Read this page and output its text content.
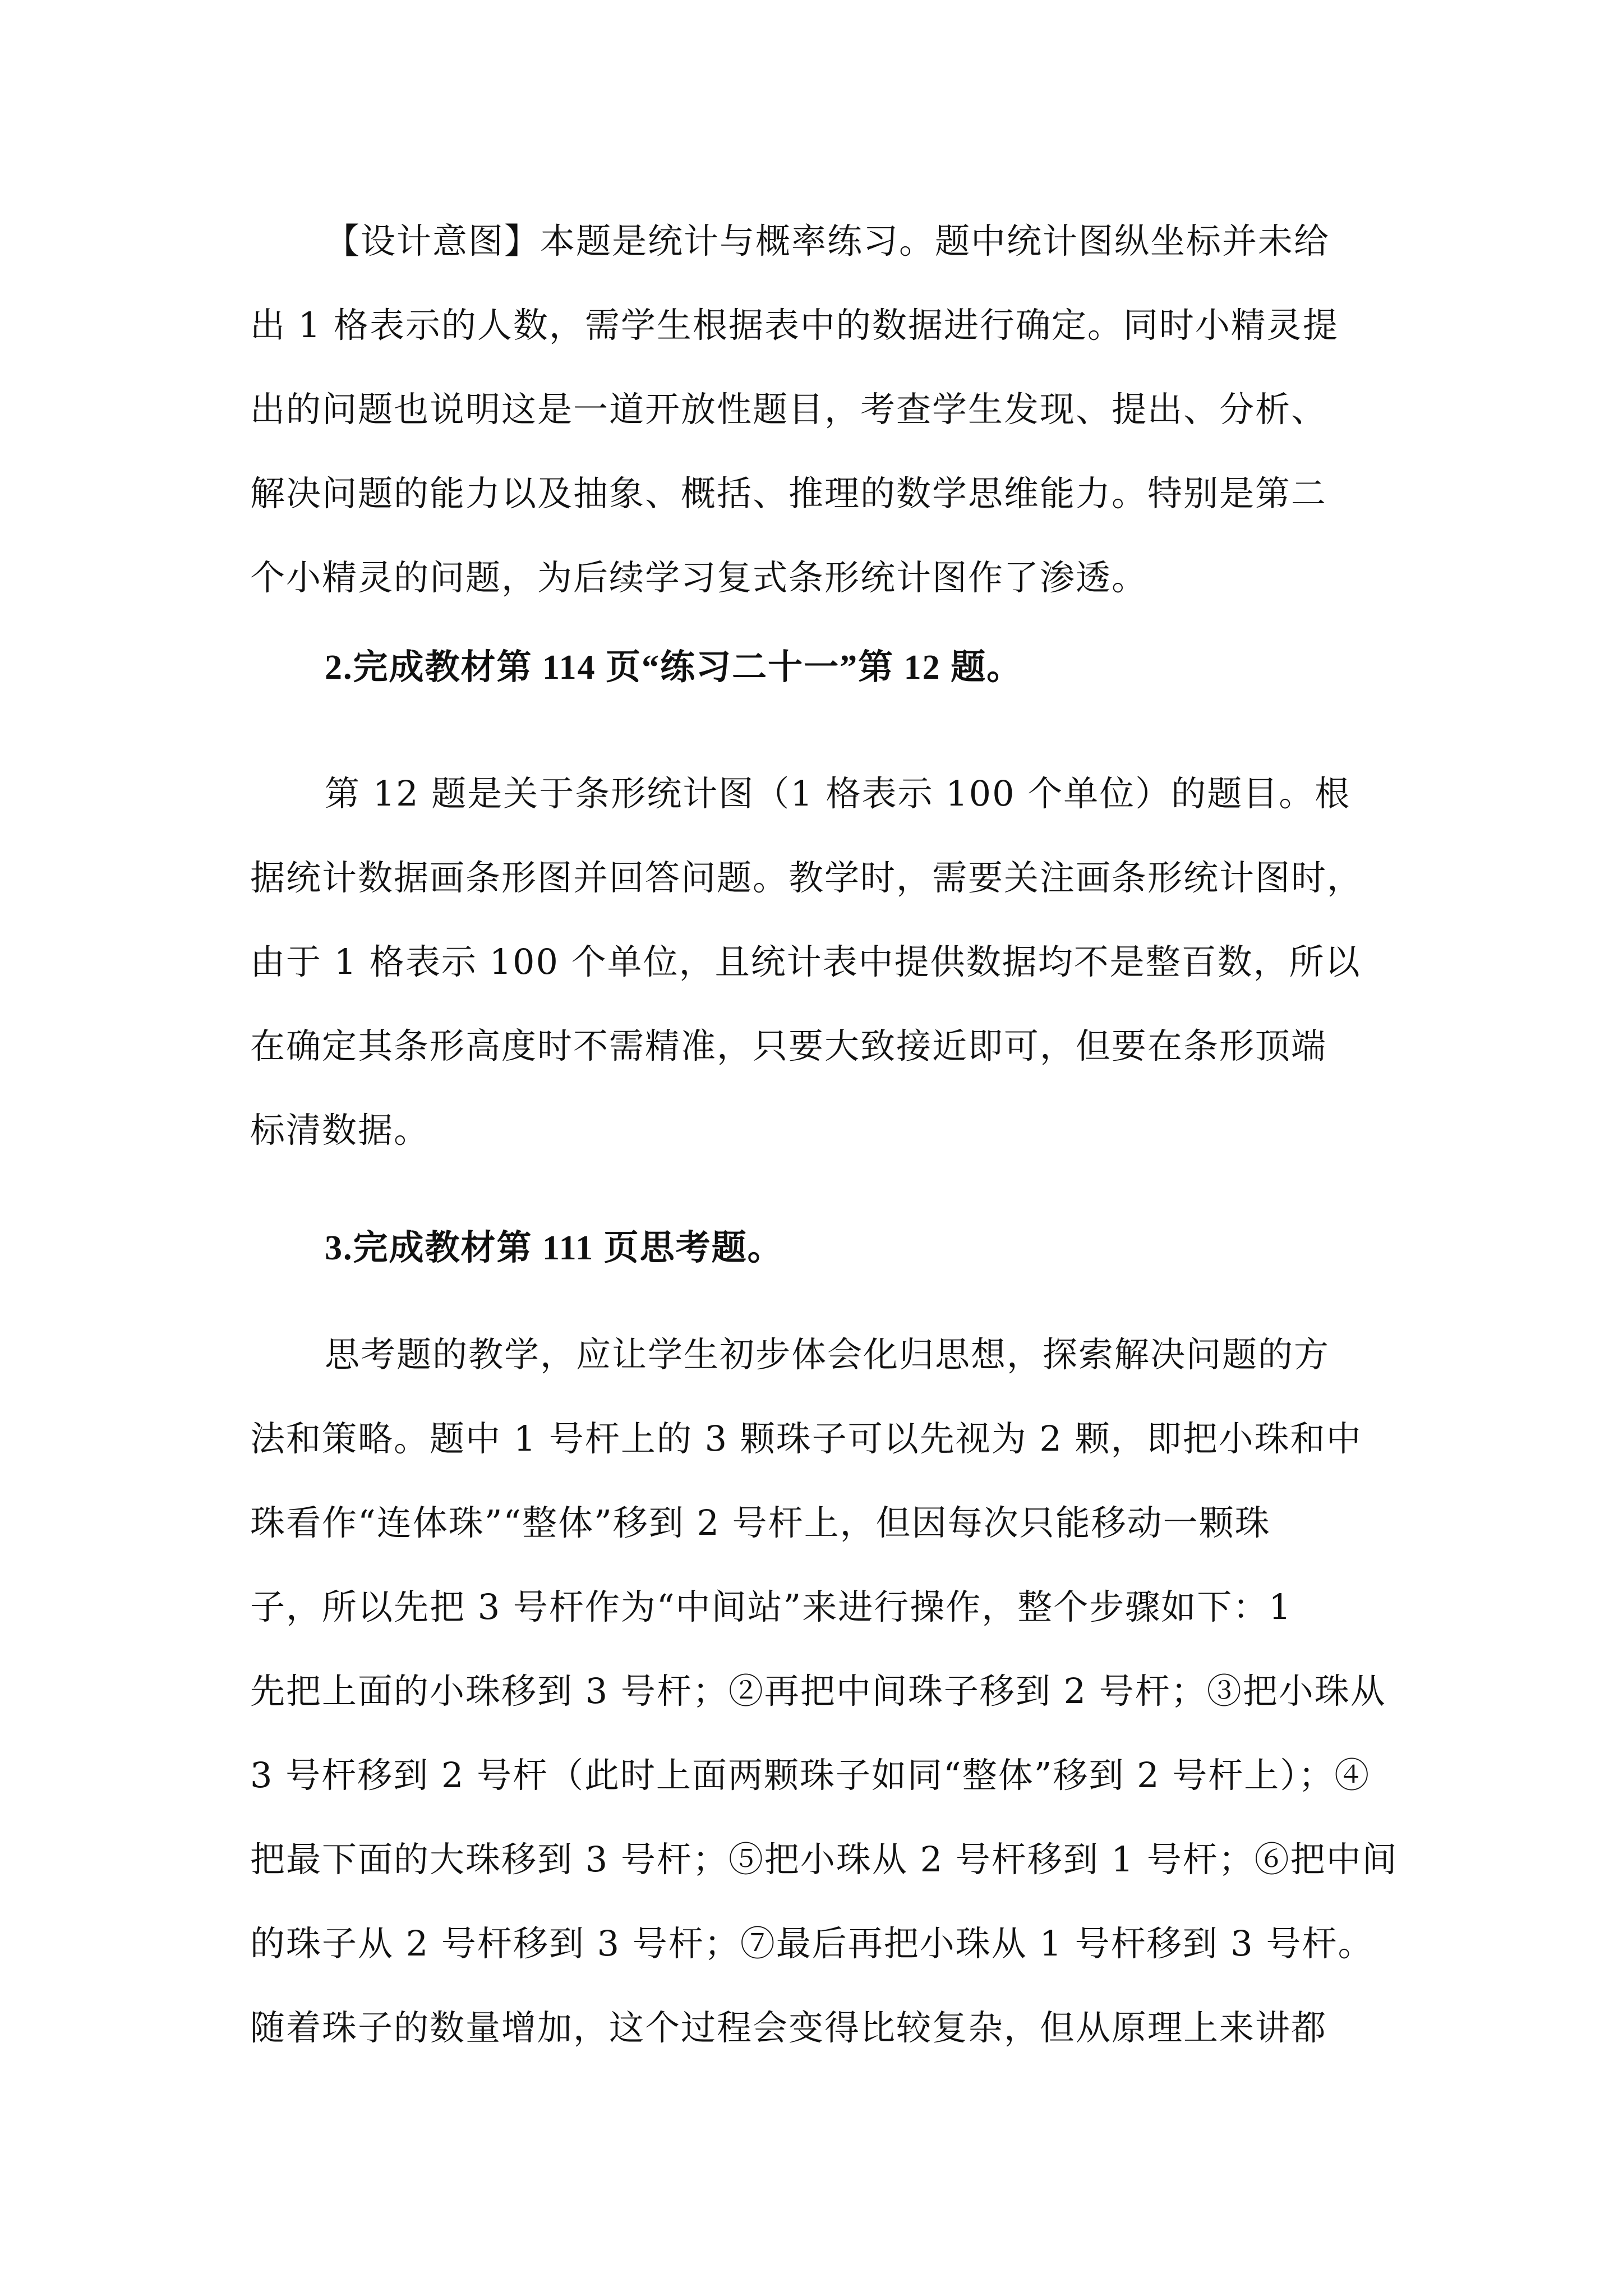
【设计意图】本题是统计与概率练习。题中统计图纵坐标并未给
出 1 格表示的人数，需学生根据表中的数据进行确定。同时小精灵提
出的问题也说明这是一道开放性题目，考查学生发现、提出、分析、
解决问题的能力以及抽象、概括、推理的数学思维能力。特别是第二
个小精灵的问题，为后续学习复式条形统计图作了渗透。
2.完成教材第 114 页“练习二十一”第 12 题。
第 12 题是关于条形统计图（1 格表示 100 个单位）的题目。根
据统计数据画条形图并回答问题。教学时，需要关注画条形统计图时，
由于 1 格表示 100 个单位，且统计表中提供数据均不是整百数，所以
在确定其条形高度时不需精准，只要大致接近即可，但要在条形顶端
标清数据。
3.完成教材第 111 页思考题。
思考题的教学，应让学生初步体会化归思想，探索解决问题的方
法和策略。题中 1 号杆上的 3 颗珠子可以先视为 2 颗，即把小珠和中
珠看作“连体珠”“整体”移到 2 号杆上，但因每次只能移动一颗珠
子，所以先把 3 号杆作为“中间站”来进行操作，整个步骤如下：1
先把上面的小珠移到 3 号杆；②再把中间珠子移到 2 号杆；③把小珠从
3 号杆移到 2 号杆（此时上面两颗珠子如同“整体”移到 2 号杆上）；④
把最下面的大珠移到 3 号杆；⑤把小珠从 2 号杆移到 1 号杆；⑥把中间
的珠子从 2 号杆移到 3 号杆；⑦最后再把小珠从 1 号杆移到 3 号杆。
随着珠子的数量增加，这个过程会变得比较复杂，但从原理上来讲都
